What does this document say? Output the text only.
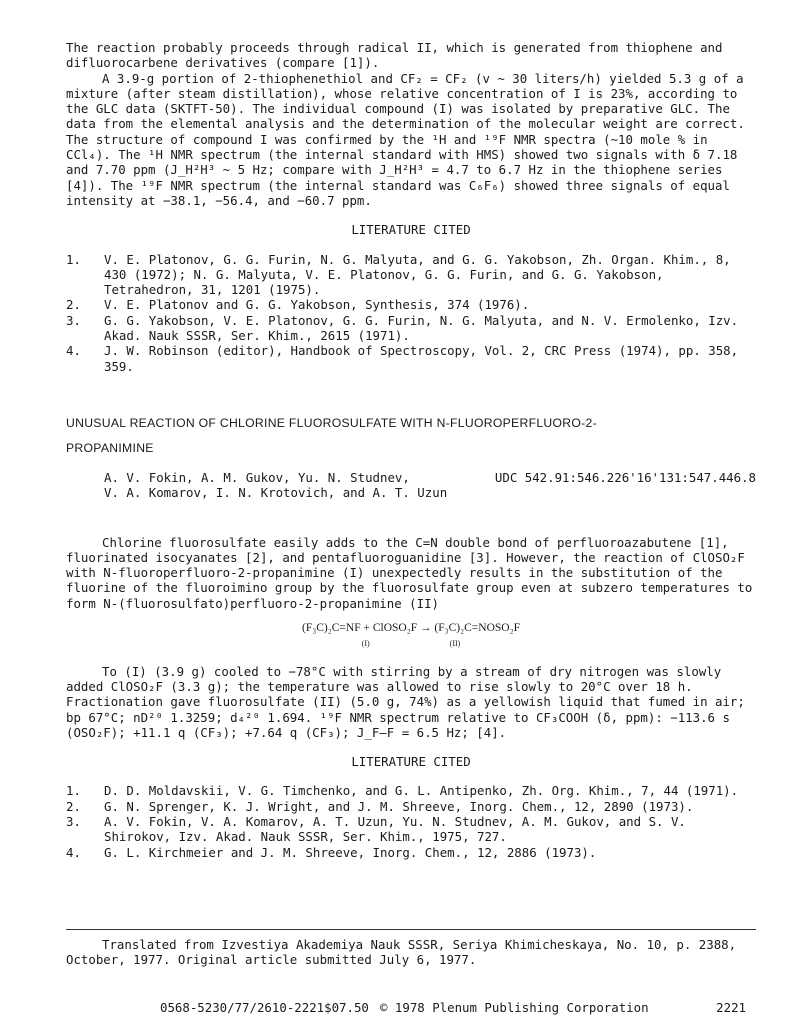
The reaction probably proceeds through radical II, which is generated from thiophene and difluorocarbene derivatives (compare [1]).

A 3.9-g portion of 2-thiophenethiol and CF₂ = CF₂ (v ~ 30 liters/h) yielded 5.3 g of a mixture (after steam distillation), whose relative concentration of I is 23%, according to the GLC data (SKTFT-50). The individual compound (I) was isolated by preparative GLC. The data from the elemental analysis and the determination of the molecular weight are correct. The structure of compound I was confirmed by the ¹H and ¹⁹F NMR spectra (~10 mole % in CCl₄). The ¹H NMR spectrum (the internal standard with HMS) showed two signals with δ 7.18 and 7.70 ppm (J_H²H³ ~ 5 Hz; compare with J_H²H³ = 4.7 to 6.7 Hz in the thiophene series [4]). The ¹⁹F NMR spectrum (the internal standard was C₆F₆) showed three signals of equal intensity at −38.1, −56.4, and −60.7 ppm.

LITERATURE CITED

1.	V. E. Platonov, G. G. Furin, N. G. Malyuta, and G. G. Yakobson, Zh. Organ. Khim., 8, 430 (1972); N. G. Malyuta, V. E. Platonov, G. G. Furin, and G. G. Yakobson, Tetrahedron, 31, 1201 (1975).
2.	V. E. Platonov and G. G. Yakobson, Synthesis, 374 (1976).
3.	G. G. Yakobson, V. E. Platonov, G. G. Furin, N. G. Malyuta, and N. V. Ermolenko, Izv. Akad. Nauk SSSR, Ser. Khim., 2615 (1971).
4.	J. W. Robinson (editor), Handbook of Spectroscopy, Vol. 2, CRC Press (1974), pp. 358, 359.

UNUSUAL REACTION OF CHLORINE FLUOROSULFATE WITH N-FLUOROPERFLUORO-2-

PROPANIMINE

A. V. Fokin, A. M. Gukov, Yu. N. Studnev,

V. A. Komarov, I. N. Krotovich, and A. T. Uzun

UDC 542.91:546.226'16'131:547.446.8

Chlorine fluorosulfate easily adds to the C=N double bond of perfluoroazabutene [1], fluorinated isocyanates [2], and pentafluoroguanidine [3]. However, the reaction of ClOSO₂F with N-fluoroperfluoro-2-propanimine (I) unexpectedly results in the substitution of the fluorine of the fluoroimino group by the fluorosulfate group even at subzero temperatures to form N-(fluorosulfato)perfluoro-2-propanimine (II)

(F₃C)₂C=NF + ClOSO₂F → (F₃C)₂C=NOSO₂F
(I)	(II)

To (I) (3.9 g) cooled to −78°C with stirring by a stream of dry nitrogen was slowly added ClOSO₂F (3.3 g); the temperature was allowed to rise slowly to 20°C over 18 h. Fractionation gave fluorosulfate (II) (5.0 g, 74%) as a yellowish liquid that fumed in air; bp 67°C; nD²⁰ 1.3259; d₄²⁰ 1.694. ¹⁹F NMR spectrum relative to CF₃COOH (δ, ppm): −113.6 s (OSO₂F); +11.1 q (CF₃); +7.64 q (CF₃); J_F–F = 6.5 Hz; [4].

LITERATURE CITED

1.	D. D. Moldavskii, V. G. Timchenko, and G. L. Antipenko, Zh. Org. Khim., 7, 44 (1971).
2.	G. N. Sprenger, K. J. Wright, and J. M. Shreeve, Inorg. Chem., 12, 2890 (1973).
3.	A. V. Fokin, V. A. Komarov, A. T. Uzun, Yu. N. Studnev, A. M. Gukov, and S. V. Shirokov, Izv. Akad. Nauk SSSR, Ser. Khim., 1975, 727.
4.	G. L. Kirchmeier and J. M. Shreeve, Inorg. Chem., 12, 2886 (1973).

Translated from Izvestiya Akademiya Nauk SSSR, Seriya Khimicheskaya, No. 10, p. 2388, October, 1977. Original article submitted July 6, 1977.

0568-5230/77/2610-2221$07.50 © 1978 Plenum Publishing Corporation	2221
